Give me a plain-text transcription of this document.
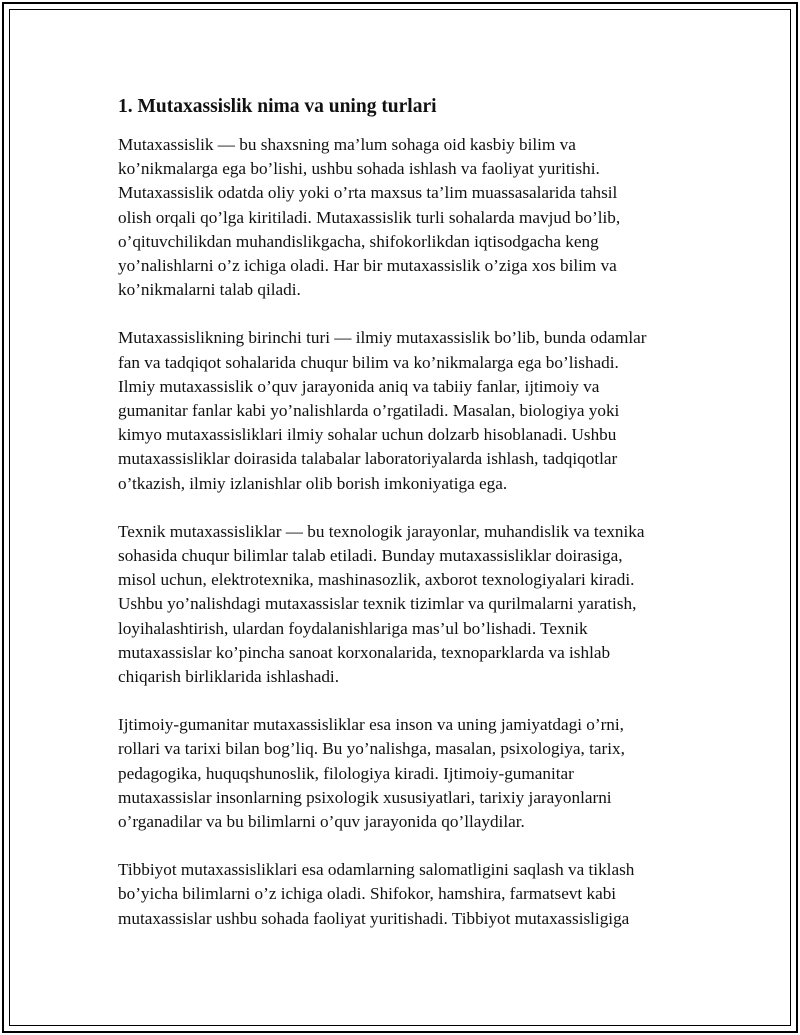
1. Mutaxassislik nima va uning turlari

Mutaxassislik — bu shaxsning ma’lum sohaga oid kasbiy bilim va
ko’nikmalarga ega bo’lishi, ushbu sohada ishlash va faoliyat yuritishi.
Mutaxassislik odatda oliy yoki o’rta maxsus ta’lim muassasalarida tahsil
olish orqali qo’lga kiritiladi. Mutaxassislik turli sohalarda mavjud bo’lib,
o’qituvchilikdan muhandislikgacha, shifokorlikdan iqtisodgacha keng
yo’nalishlarni o’z ichiga oladi. Har bir mutaxassislik o’ziga xos bilim va
ko’nikmalarni talab qiladi.

Mutaxassislikning birinchi turi — ilmiy mutaxassislik bo’lib, bunda odamlar
fan va tadqiqot sohalarida chuqur bilim va ko’nikmalarga ega bo’lishadi.
Ilmiy mutaxassislik o’quv jarayonida aniq va tabiiy fanlar, ijtimoiy va
gumanitar fanlar kabi yo’nalishlarda o’rgatiladi. Masalan, biologiya yoki
kimyo mutaxassisliklari ilmiy sohalar uchun dolzarb hisoblanadi. Ushbu
mutaxassisliklar doirasida talabalar laboratoriyalarda ishlash, tadqiqotlar
o’tkazish, ilmiy izlanishlar olib borish imkoniyatiga ega.

Texnik mutaxassisliklar — bu texnologik jarayonlar, muhandislik va texnika
sohasida chuqur bilimlar talab etiladi. Bunday mutaxassisliklar doirasiga,
misol uchun, elektrotexnika, mashinasozlik, axborot texnologiyalari kiradi.
Ushbu yo’nalishdagi mutaxassislar texnik tizimlar va qurilmalarni yaratish,
loyihalashtirish, ulardan foydalanishlariga mas’ul bo’lishadi. Texnik
mutaxassislar ko’pincha sanoat korxonalarida, texnoparklarda va ishlab
chiqarish birliklarida ishlashadi.

Ijtimoiy-gumanitar mutaxassisliklar esa inson va uning jamiyatdagi o’rni,
rollari va tarixi bilan bog’liq. Bu yo’nalishga, masalan, psixologiya, tarix,
pedagogika, huquqshunoslik, filologiya kiradi. Ijtimoiy-gumanitar
mutaxassislar insonlarning psixologik xususiyatlari, tarixiy jarayonlarni
o’rganadilar va bu bilimlarni o’quv jarayonida qo’llaydilar.

Tibbiyot mutaxassisliklari esa odamlarning salomatligini saqlash va tiklash
bo’yicha bilimlarni o’z ichiga oladi. Shifokor, hamshira, farmatsevt kabi
mutaxassislar ushbu sohada faoliyat yuritishadi. Tibbiyot mutaxassisligiga
